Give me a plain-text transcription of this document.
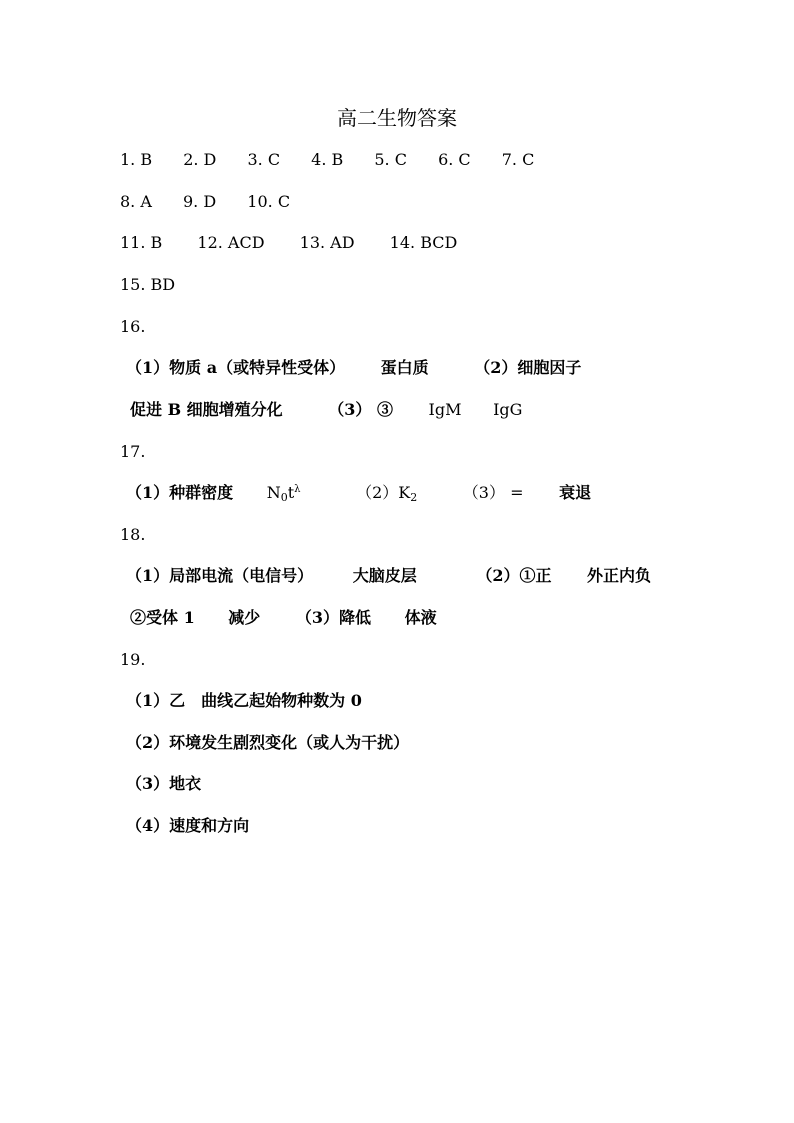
高二生物答案
1. B 2. D 3. C 4. B 5. C 6. C 7. C
8. A 9. D 10. C
11. B 12. ACD 13. AD 14. BCD
15. BD
16.
（1）物质 a（或特异性受体） 蛋白质	（2）细胞因子
促进 B 细胞增殖分化	（3） ③ IgM IgG
17.
（1）种群密度 $N_0t^\lambda$	$(2)K_2$	（3） = 衰退
18.
（1）局部电流（电信号） 大脑皮层	（2）①正 外正内负
②受体 1 减少 （3）降低 体液
19.
（1）乙　曲线乙起始物种数为 0
（2）环境发生剧烈变化（或人为干扰）
（3）地衣
（4）速度和方向
